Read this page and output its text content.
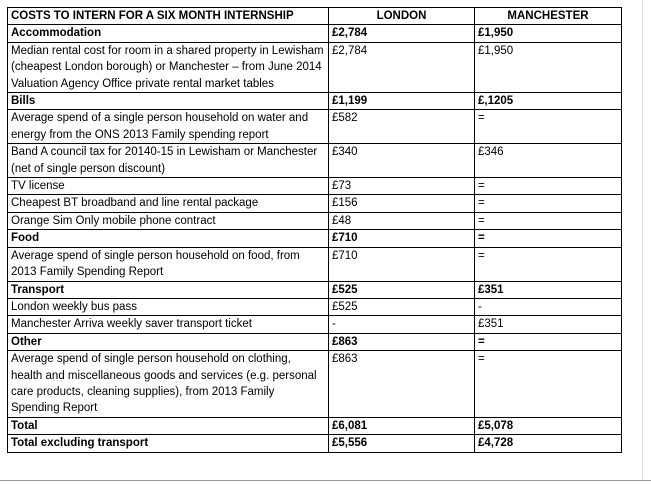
COSTS TO INTERN FOR A SIX MONTH INTERNSHIP	LONDON	MANCHESTER
Accommodation	£2,784	£1,950
Median rental cost for room in a shared property in Lewisham (cheapest London borough) or Manchester – from June 2014 Valuation Agency Office private rental market tables	£2,784	£1,950
Bills	£1,199	£,1205
Average spend of a single person household on water and energy from the ONS 2013 Family spending report	£582	=
Band A council tax for 20140-15 in Lewisham or Manchester (net of single person discount)	£340	£346
TV license	£73	=
Cheapest BT broadband and line rental package	£156	=
Orange Sim Only mobile phone contract	£48	=
Food	£710	=
Average spend of single person household on food, from 2013 Family Spending Report	£710	=
Transport	£525	£351
London weekly bus pass	£525	-
Manchester Arriva weekly saver transport ticket	-	£351
Other	£863	=
Average spend of single person household on clothing, health and miscellaneous goods and services (e.g. personal care products, cleaning supplies), from 2013 Family Spending Report	£863	=
Total	£6,081	£5,078
Total excluding transport	£5,556	£4,728
